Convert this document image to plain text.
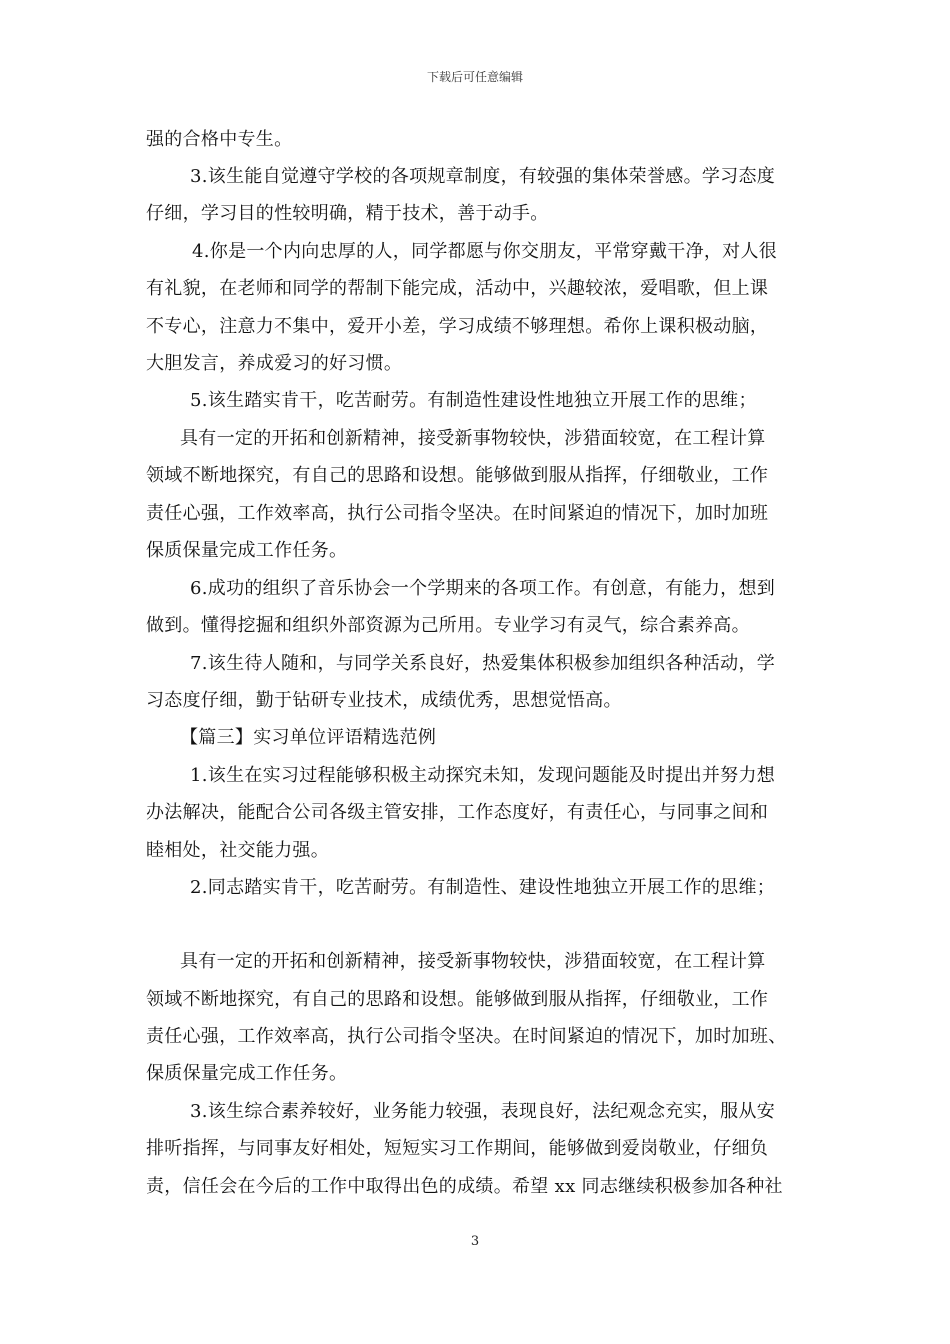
下载后可任意编辑
强的合格中专生。
3.该生能自觉遵守学校的各项规章制度，有较强的集体荣誉感。学习态度
仔细，学习目的性较明确，精于技术，善于动手。
4.你是一个内向忠厚的人，同学都愿与你交朋友，平常穿戴干净，对人很
有礼貌，在老师和同学的帮制下能完成，活动中，兴趣较浓，爱唱歌，但上课
不专心，注意力不集中，爱开小差，学习成绩不够理想。希你上课积极动脑，
大胆发言，养成爱习的好习惯。
5.该生踏实肯干，吃苦耐劳。有制造性建设性地独立开展工作的思维；
具有一定的开拓和创新精神，接受新事物较快，涉猎面较宽，在工程计算
领域不断地探究，有自己的思路和设想。能够做到服从指挥，仔细敬业，工作
责任心强，工作效率高，执行公司指令坚决。在时间紧迫的情况下，加时加班
保质保量完成工作任务。
6.成功的组织了音乐协会一个学期来的各项工作。有创意，有能力，想到
做到。懂得挖掘和组织外部资源为己所用。专业学习有灵气，综合素养高。
7.该生待人随和，与同学关系良好，热爱集体积极参加组织各种活动，学
习态度仔细，勤于钻研专业技术，成绩优秀，思想觉悟高。
【篇三】实习单位评语精选范例
1.该生在实习过程能够积极主动探究未知，发现问题能及时提出并努力想
办法解决，能配合公司各级主管安排，工作态度好，有责任心，与同事之间和
睦相处，社交能力强。
2.同志踏实肯干，吃苦耐劳。有制造性、建设性地独立开展工作的思维；
具有一定的开拓和创新精神，接受新事物较快，涉猎面较宽，在工程计算
领域不断地探究，有自己的思路和设想。能够做到服从指挥，仔细敬业，工作
责任心强，工作效率高，执行公司指令坚决。在时间紧迫的情况下，加时加班、
保质保量完成工作任务。
3.该生综合素养较好，业务能力较强，表现良好，法纪观念充实，服从安
排听指挥，与同事友好相处，短短实习工作期间，能够做到爱岗敬业，仔细负
责，信任会在今后的工作中取得出色的成绩。希望 xx 同志继续积极参加各种社
3
